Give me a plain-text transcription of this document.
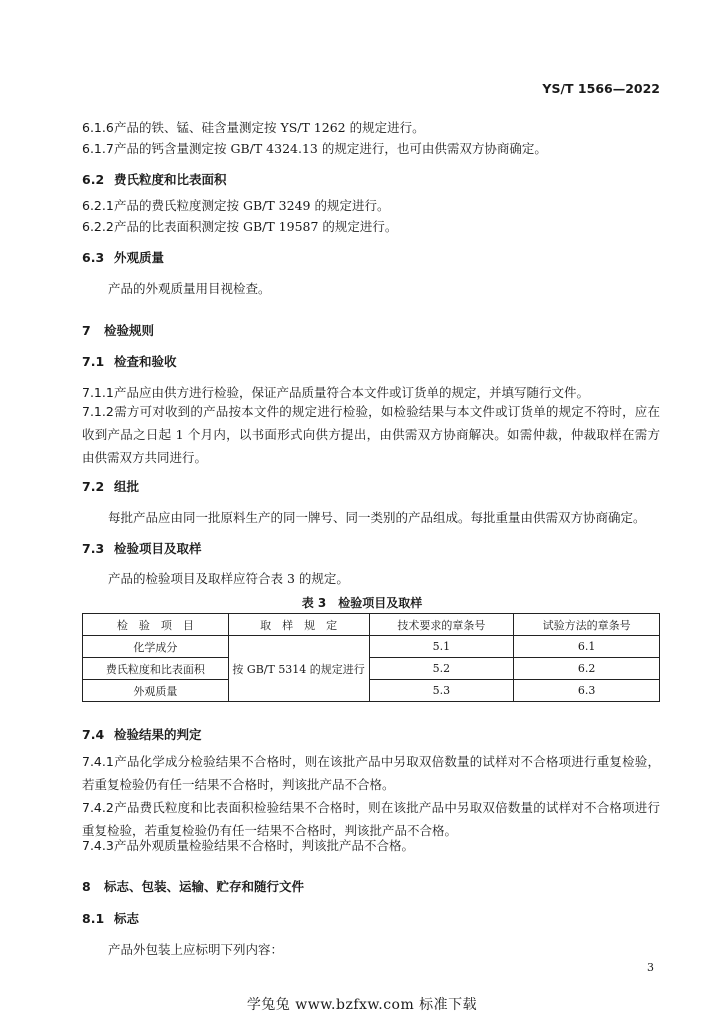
YS/T 1566—2022
6.1.6产品的铁、锰、硅含量测定按 YS/T 1262 的规定进行。
6.1.7产品的钙含量测定按 GB/T 4324.13 的规定进行，也可由供需双方协商确定。
6.2 费氏粒度和比表面积
6.2.1产品的费氏粒度测定按 GB/T 3249 的规定进行。
6.2.2产品的比表面积测定按 GB/T 19587 的规定进行。
6.3 外观质量
产品的外观质量用目视检查。
7 检验规则
7.1 检查和验收
7.1.1产品应由供方进行检验，保证产品质量符合本文件或订货单的规定，并填写随行文件。
7.1.2需方可对收到的产品按本文件的规定进行检验，如检验结果与本文件或订货单的规定不符时，应在收到产品之日起 1 个月内，以书面形式向供方提出，由供需双方协商解决。如需仲裁，仲裁取样在需方由供需双方共同进行。
7.2 组批
每批产品应由同一批原料生产的同一牌号、同一类别的产品组成。每批重量由供需双方协商确定。
7.3 检验项目及取样
产品的检验项目及取样应符合表 3 的规定。
表 3　检验项目及取样
检　验　项　目	取　样　规　定	技术要求的章条号	试验方法的章条号
化学成分	按 GB/T 5314 的规定进行	5.1	6.1
费氏粒度和比表面积		5.2	6.2
外观质量		5.3	6.3
7.4 检验结果的判定
7.4.1产品化学成分检验结果不合格时，则在该批产品中另取双倍数量的试样对不合格项进行重复检验，若重复检验仍有任一结果不合格时，判该批产品不合格。
7.4.2产品费氏粒度和比表面积检验结果不合格时，则在该批产品中另取双倍数量的试样对不合格项进行重复检验，若重复检验仍有任一结果不合格时，判该批产品不合格。
7.4.3产品外观质量检验结果不合格时，判该批产品不合格。
8 标志、包装、运输、贮存和随行文件
8.1 标志
产品外包装上应标明下列内容：
3
学兔兔 www.bzfxw.com 标准下载
